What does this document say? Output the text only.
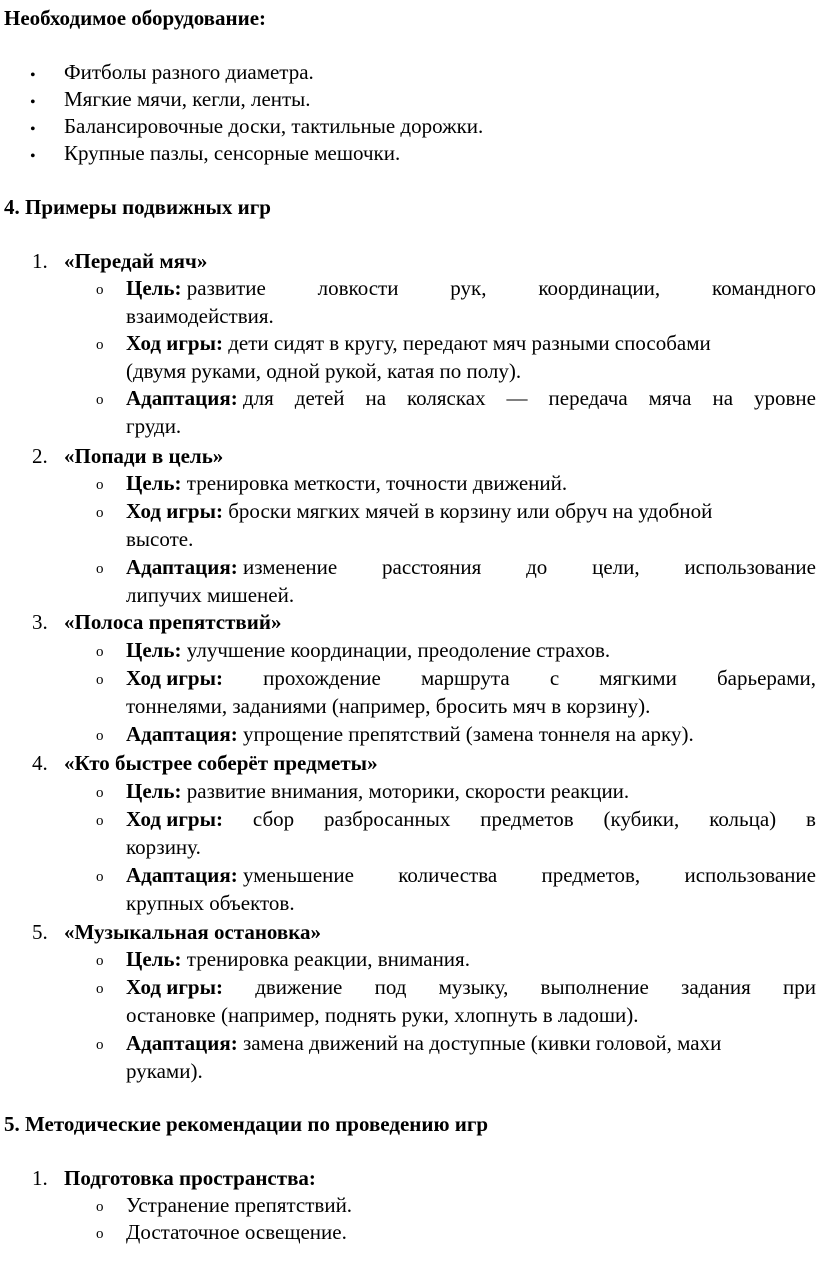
Необходимое оборудование:
• Фитболы разного диаметра.
• Мягкие мячи, кегли, ленты.
• Балансировочные доски, тактильные дорожки.
• Крупные пазлы, сенсорные мешочки.
4. Примеры подвижных игр
1. «Передай мяч»
o Цель: развитие ловкости рук, координации, командного
взаимодействия.
o Ход игры: дети сидят в кругу, передают мяч разными способами
(двумя руками, одной рукой, катая по полу).
o Адаптация: для детей на колясках — передача мяча на уровне
груди.
2. «Попади в цель»
o Цель: тренировка меткости, точности движений.
o Ход игры: броски мягких мячей в корзину или обруч на удобной
высоте.
o Адаптация: изменение расстояния до цели, использование
липучих мишеней.
3. «Полоса препятствий»
o Цель: улучшение координации, преодоление страхов.
o Ход игры: прохождение маршрута с мягкими барьерами,
тоннелями, заданиями (например, бросить мяч в корзину).
o Адаптация: упрощение препятствий (замена тоннеля на арку).
4. «Кто быстрее соберёт предметы»
o Цель: развитие внимания, моторики, скорости реакции.
o Ход игры: сбор разбросанных предметов (кубики, кольца) в
корзину.
o Адаптация: уменьшение количества предметов, использование
крупных объектов.
5. «Музыкальная остановка»
o Цель: тренировка реакции, внимания.
o Ход игры: движение под музыку, выполнение задания при
остановке (например, поднять руки, хлопнуть в ладоши).
o Адаптация: замена движений на доступные (кивки головой, махи
руками).
5. Методические рекомендации по проведению игр
1. Подготовка пространства:
o Устранение препятствий.
o Достаточное освещение.
